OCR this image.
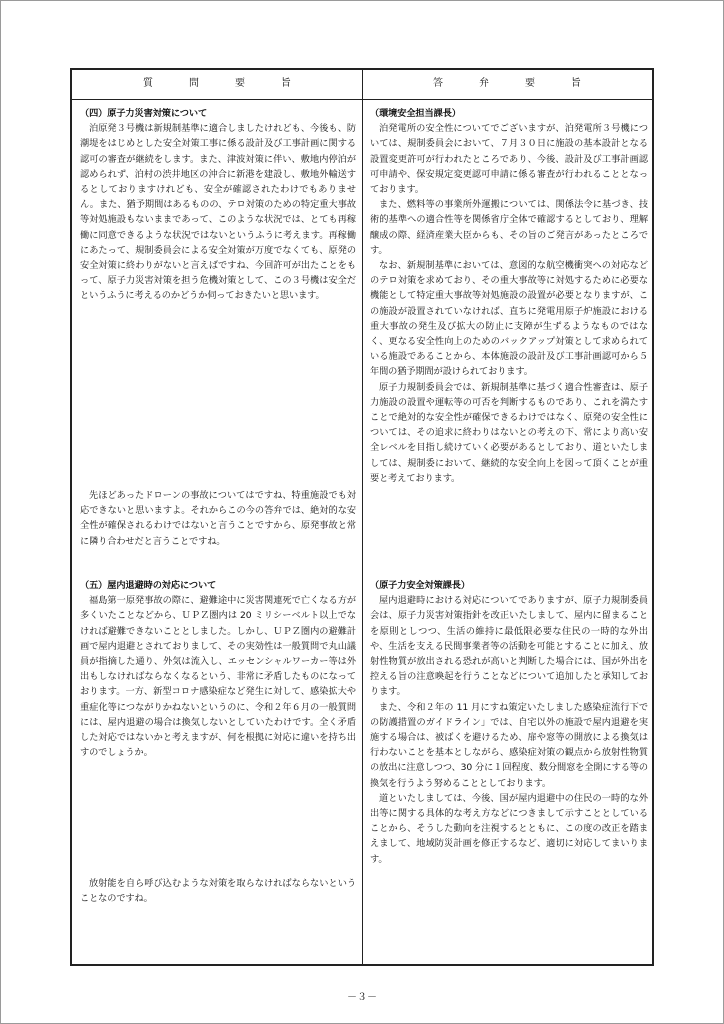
質問要旨	答弁要旨
（四）原子力災害対策について
泊原発３号機は新規制基準に適合しましたけれども、今後も、防潮堤をはじめとした安全対策工事に係る設計及び工事計画に関する認可の審査が継続をします。また、津波対策に伴い、敷地内停泊が認められず、泊村の渋井地区の沖合に新港を建設し、敷地外輸送するとしておりますけれども、安全が確認されたわけでもありません。また、猶予期間はあるものの、テロ対策のための特定重大事故等対処施設もないままであって、このような状況では、とても再稼働に同意できるような状況ではないというふうに考えます。再稼働にあたって、規制委員会による安全対策が万度でなくても、原発の安全対策に終わりがないと言えばですね、今回許可が出たことをもって、原子力災害対策を担う危機対策として、この３号機は安全だというふうに考えるのかどうか伺っておきたいと思います。
（環境安全担当課長）
泊発電所の安全性についてでございますが、泊発電所３号機については、規制委員会において、７月３０日に施設の基本設計となる設置変更許可が行われたところであり、今後、設計及び工事計画認可申請や、保安規定変更認可申請に係る審査が行われることとなっております。
また、燃料等の事業所外運搬については、関係法令に基づき、技術的基準への適合性等を関係省庁全体で確認するとしており、理解醸成の際、経済産業大臣からも、その旨のご発言があったところです。
なお、新規制基準においては、意図的な航空機衝突への対応などのテロ対策を求めており、その重大事故等に対処するために必要な機能として特定重大事故等対処施設の設置が必要となりますが、この施設が設置されていなければ、直ちに発電用原子炉施設における重大事故の発生及び拡大の防止に支障が生ずるようなものではなく、更なる安全性向上のためのバックアップ対策として求められている施設であることから、本体施設の設計及び工事計画認可から５年間の猶予期間が設けられております。
原子力規制委員会では、新規制基準に基づく適合性審査は、原子力施設の設置や運転等の可否を判断するものであり、これを満たすことで絶対的な安全性が確保できるわけではなく、原発の安全性については、その追求に終わりはないとの考えの下、常により高い安全レベルを目指し続けていく必要があるとしており、道といたしましては、規制委において、継続的な安全向上を図って頂くことが重要と考えております。
先ほどあったドローンの事故についてはですね、特重施設でも対応できないと思いますよ。それからこの今の答弁では、絶対的な安全性が確保されるわけではないと言うことですから、原発事故と常に隣り合わせだと言うことですね。
（五）屋内退避時の対応について
福島第一原発事故の際に、避難途中に災害関連死で亡くなる方が多くいたことなどから、ＵＰＺ圏内は 20 ミリシーベルト以上でなければ避難できないこととしました。しかし、ＵＰＺ圏内の避難計画で屋内退避とされておりまして、その実効性は一般質問で丸山議員が指摘した通り、外気は流入し、エッセンシャルワーカー等は外出もしなければならなくなるという、非常に矛盾したものになっております。一方、新型コロナ感染症など発生に対して、感染拡大や重症化等につながりかねないというのに、令和２年６月の一般質問には、屋内退避の場合は換気しないとしていたわけです。全く矛盾した対応ではないかと考えますが、何を根拠に対応に違いを持ち出すのでしょうか。
（原子力安全対策課長）
屋内退避時における対応についてでありますが、原子力規制委員会は、原子力災害対策指針を改正いたしまして、屋内に留まることを原則としつつ、生活の維持に最低限必要な住民の一時的な外出や、生活を支える民間事業者等の活動を可能とすることに加え、放射性物質が放出される恐れが高いと判断した場合には、国が外出を控える旨の注意喚起を行うことなどについて追加したと承知しております。
また、令和２年の 11 月にすね策定いたしました感染症流行下での防護措置のガイドライン」では、自宅以外の施設で屋内退避を実施する場合は、被ばくを避けるため、扉や窓等の開放による換気は行わないことを基本としながら、感染症対策の観点から放射性物質の放出に注意しつつ、30 分に１回程度、数分間窓を全開にする等の換気を行うよう努めることとしております。
道といたしましては、今後、国が屋内退避中の住民の一時的な外出等に関する具体的な考え方などにつきまして示すこととしていることから、そうした動向を注視するとともに、この度の改正を踏まえまして、地域防災計画を修正するなど、適切に対応してまいります。
放射能を自ら呼び込むような対策を取らなければならないということなのですね。
－３－
